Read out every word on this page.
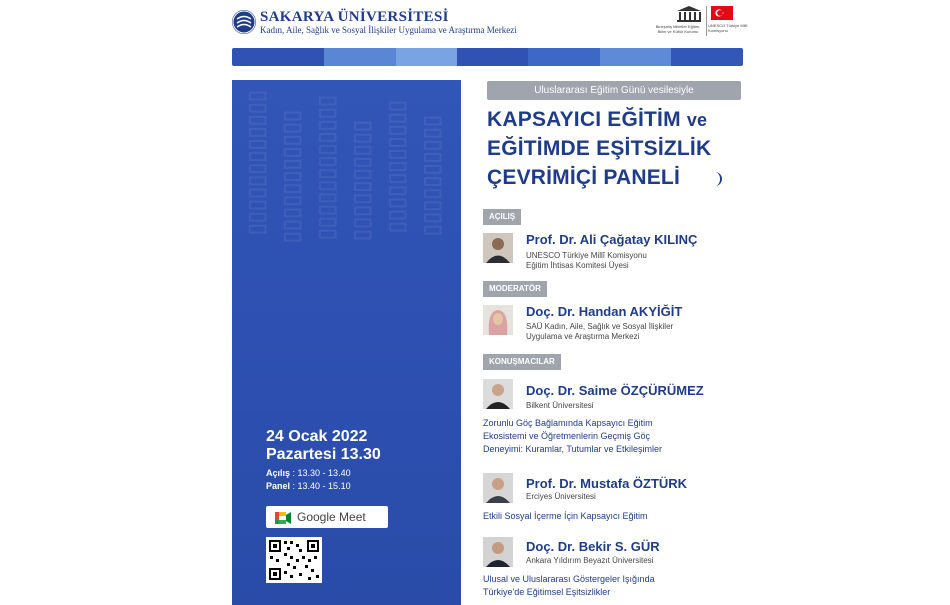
SAKARYA ÜNİVERSİTESİ
Kadın, Aile, Sağlık ve Sosyal İlişkiler Uygulama ve Araştırma Merkezi	Birleşmiş Milletler Eğitim, Bilim ve Kültür Kurumu
UNESCO Türkiye Millî Komisyonu
▯▯▯▯▯▯▯▯▯▯▯▯ ▯▯▯▯▯▯▯▯▯▯▯ ▯▯▯▯▯▯▯▯▯▯▯▯ ▯▯▯▯▯▯▯▯▯▯ ▯▯▯▯▯▯▯▯▯▯▯ ▯▯▯▯▯▯▯▯▯▯
24 Ocak 2022
Pazartesi 13.30
Açılış : 13.30 - 13.40
Panel : 13.40 - 15.10
Google Meet
Uluslararası Eğitim Günü vesilesiyle
KAPSAYICI EĞİTİM ve
EĞİTİMDE EŞİTSİZLİK
ÇEVRİMİÇİ PANELİ
AÇILIŞ
Prof. Dr. Ali Çağatay KILINÇ
UNESCO Türkiye Millî Komisyonu
Eğitim İhtisas Komitesi Üyesi
MODERATÖR
Doç. Dr. Handan AKYİĞİT
SAÜ Kadın, Aile, Sağlık ve Sosyal İlişkiler
Uygulama ve Araştırma Merkezi
KONUŞMACILAR
Doç. Dr. Saime ÖZÇÜRÜMEZ
Bilkent Üniversitesi
Zorunlu Göç Bağlamında Kapsayıcı Eğitim
Ekosistemi ve Öğretmenlerin Geçmiş Göç
Deneyimi: Kuramlar, Tutumlar ve Etkileşimler
Prof. Dr. Mustafa ÖZTÜRK
Erciyes Üniversitesi
Etkili Sosyal İçerme İçin Kapsayıcı Eğitim
Doç. Dr. Bekir S. GÜR
Ankara Yıldırım Beyazıt Üniversitesi
Ulusal ve Uluslararası Göstergeler Işığında
Türkiye'de Eğitimsel Eşitsizlikler
